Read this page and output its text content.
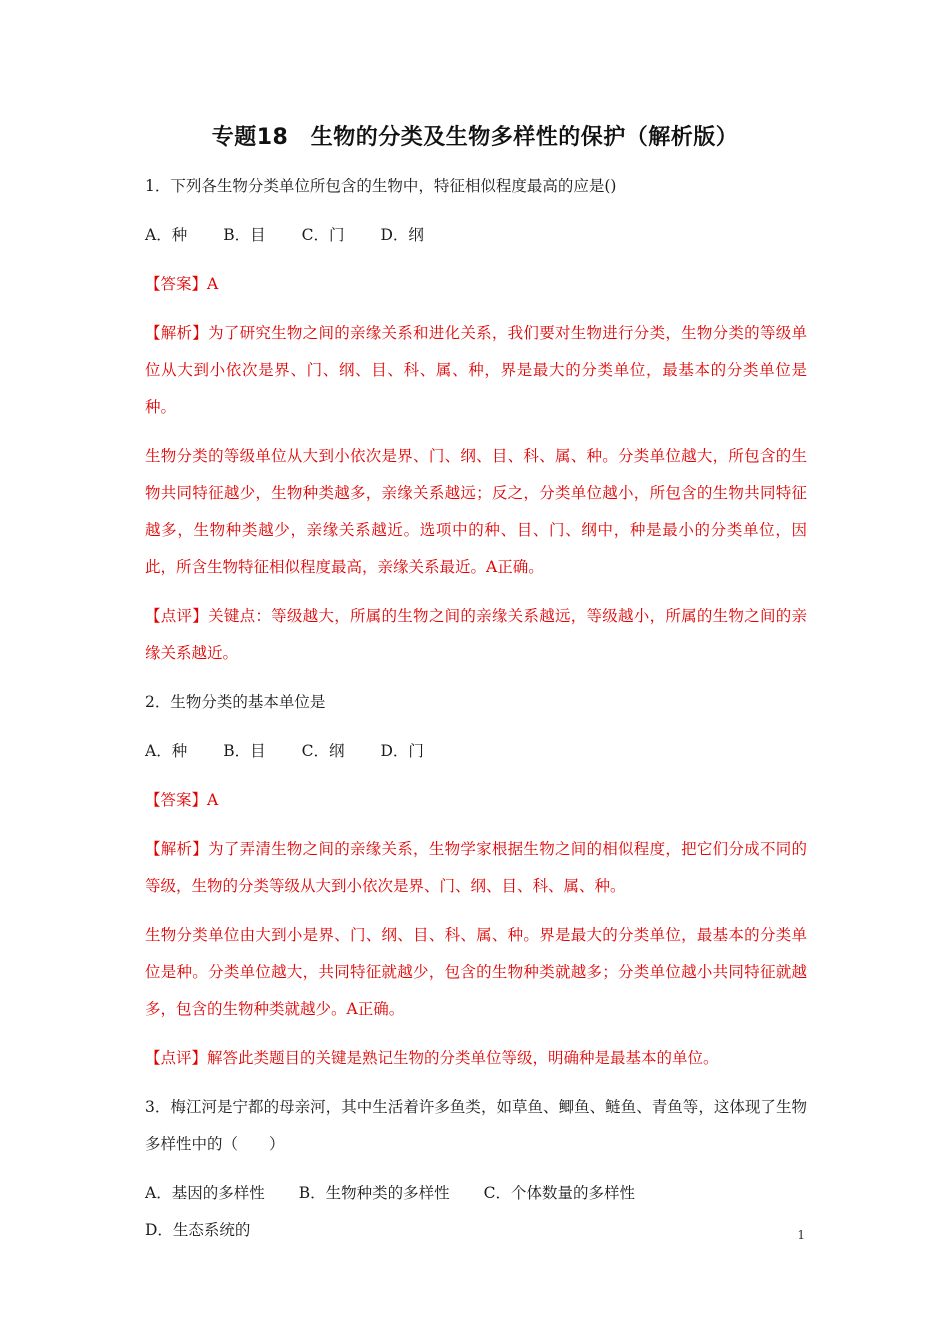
专题18　生物的分类及生物多样性的保护（解析版）

1．下列各生物分类单位所包含的生物中，特征相似程度最高的应是()

A．种 B．目 C．门 D．纲

【答案】A

【解析】为了研究生物之间的亲缘关系和进化关系，我们要对生物进行分类，生物分类的等级单位从大到小依次是界、门、纲、目、科、属、种，界是最大的分类单位，最基本的分类单位是种。

生物分类的等级单位从大到小依次是界、门、纲、目、科、属、种。分类单位越大，所包含的生物共同特征越少，生物种类越多，亲缘关系越远；反之，分类单位越小，所包含的生物共同特征越多，生物种类越少，亲缘关系越近。选项中的种、目、门、纲中，种是最小的分类单位，因此，所含生物特征相似程度最高，亲缘关系最近。A正确。

【点评】关键点：等级越大，所属的生物之间的亲缘关系越远，等级越小，所属的生物之间的亲缘关系越近。

2．生物分类的基本单位是

A．种 B．目 C．纲 D．门

【答案】A

【解析】为了弄清生物之间的亲缘关系，生物学家根据生物之间的相似程度，把它们分成不同的等级，生物的分类等级从大到小依次是界、门、纲、目、科、属、种。

生物分类单位由大到小是界、门、纲、目、科、属、种。界是最大的分类单位，最基本的分类单位是种。分类单位越大，共同特征就越少，包含的生物种类就越多；分类单位越小共同特征就越多，包含的生物种类就越少。A正确。

【点评】解答此类题目的关键是熟记生物的分类单位等级，明确种是最基本的单位。

3．梅江河是宁都的母亲河，其中生活着许多鱼类，如草鱼、鲫鱼、鲢鱼、青鱼等，这体现了生物多样性中的（　　）

A．基因的多样性 B．生物种类的多样性 C．个体数量的多样性D．生态系统的	1
